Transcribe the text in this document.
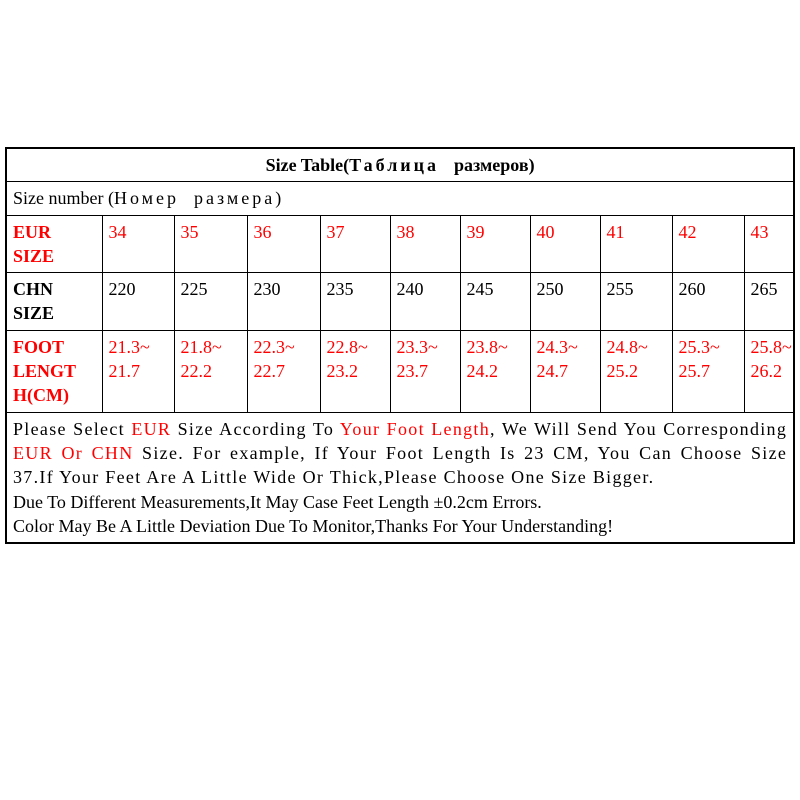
Size Table(Таблица размеров)										
Size number (Номер размера)										
EUR
SIZE	34	35	36	37	38	39	40	41	42	43
CHN
SIZE	220	225	230	235	240	245	250	255	260	265
FOOT
LENGT
H(CM)	21.3~ 21.7	21.8~ 22.2	22.3~ 22.7	22.8~ 23.2	23.3~ 23.7	23.8~ 24.2	24.3~ 24.7	24.8~ 25.2	25.3~ 25.7	25.8~ 26.2

Please Select EUR Size According To Your Foot Length, We Will Send You Corresponding EUR Or CHN Size. For example, If Your Foot Length Is 23 CM, You Can Choose Size 37.If Your Feet Are A Little Wide Or Thick,Please Choose One Size Bigger.

Due To Different Measurements,It May Case Feet Length ±0.2cm Errors.

Color May Be A Little Deviation Due To Monitor,Thanks For Your Understanding!										
